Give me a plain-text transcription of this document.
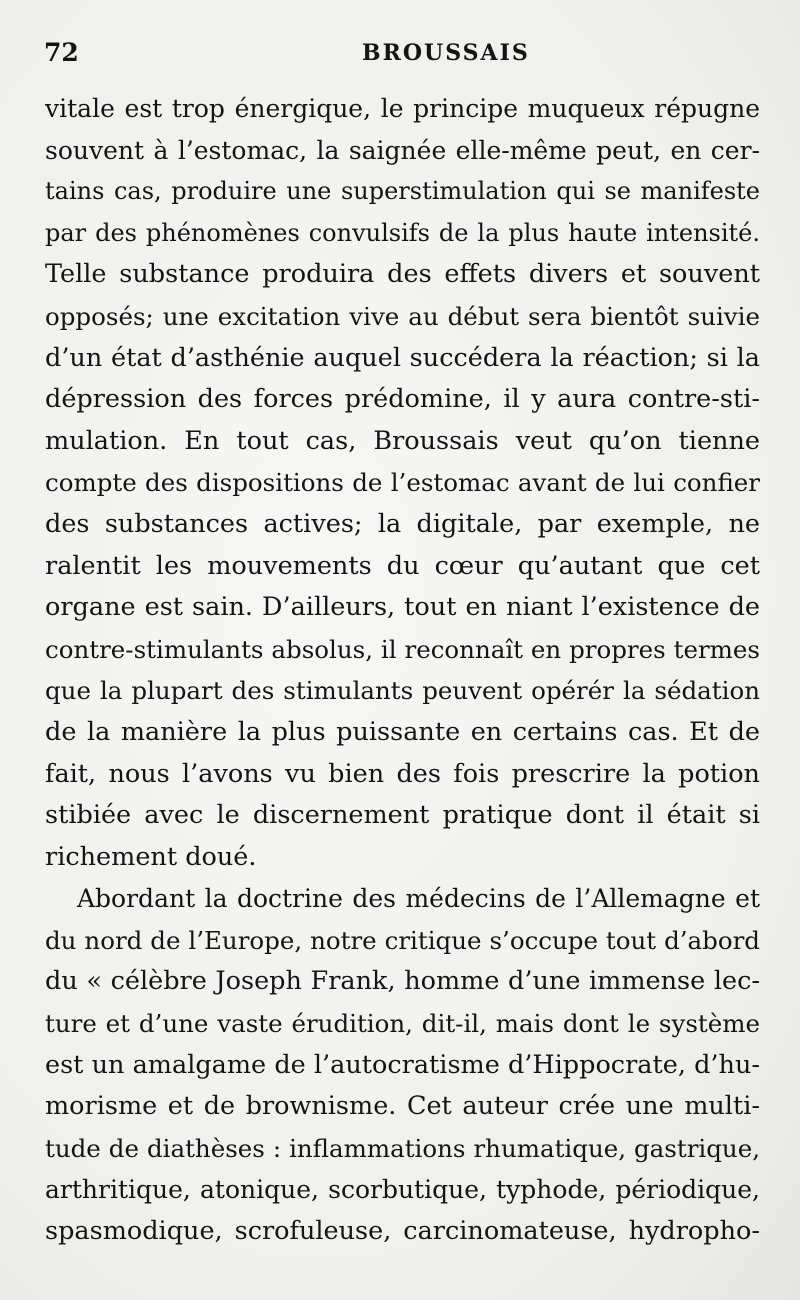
72	BROUSSAIS
vitale est trop énergique, le principe muqueux répugne
souvent à l’estomac, la saignée elle-même peut, en cer-
tains cas, produire une superstimulation qui se manifeste
par des phénomènes convulsifs de la plus haute intensité.
Telle substance produira des effets divers et souvent
opposés; une excitation vive au début sera bientôt suivie
d’un état d’asthénie auquel succédera la réaction; si la
dépression des forces prédomine, il y aura contre-sti-
mulation. En tout cas, Broussais veut qu’on tienne
compte des dispositions de l’estomac avant de lui confier
des substances actives; la digitale, par exemple, ne
ralentit les mouvements du cœur qu’autant que cet
organe est sain. D’ailleurs, tout en niant l’existence de
contre-stimulants absolus, il reconnaît en propres termes
que la plupart des stimulants peuvent opérér la sédation
de la manière la plus puissante en certains cas. Et de
fait, nous l’avons vu bien des fois prescrire la potion
stibiée avec le discernement pratique dont il était si
richement doué.
Abordant la doctrine des médecins de l’Allemagne et
du nord de l’Europe, notre critique s’occupe tout d’abord
du « célèbre Joseph Frank, homme d’une immense lec-
ture et d’une vaste érudition, dit-il, mais dont le système
est un amalgame de l’autocratisme d’Hippocrate, d’hu-
morisme et de brownisme. Cet auteur crée une multi-
tude de diathèses : inflammations rhumatique, gastrique,
arthritique, atonique, scorbutique, typhode, périodique,
spasmodique, scrofuleuse, carcinomateuse, hydropho-
